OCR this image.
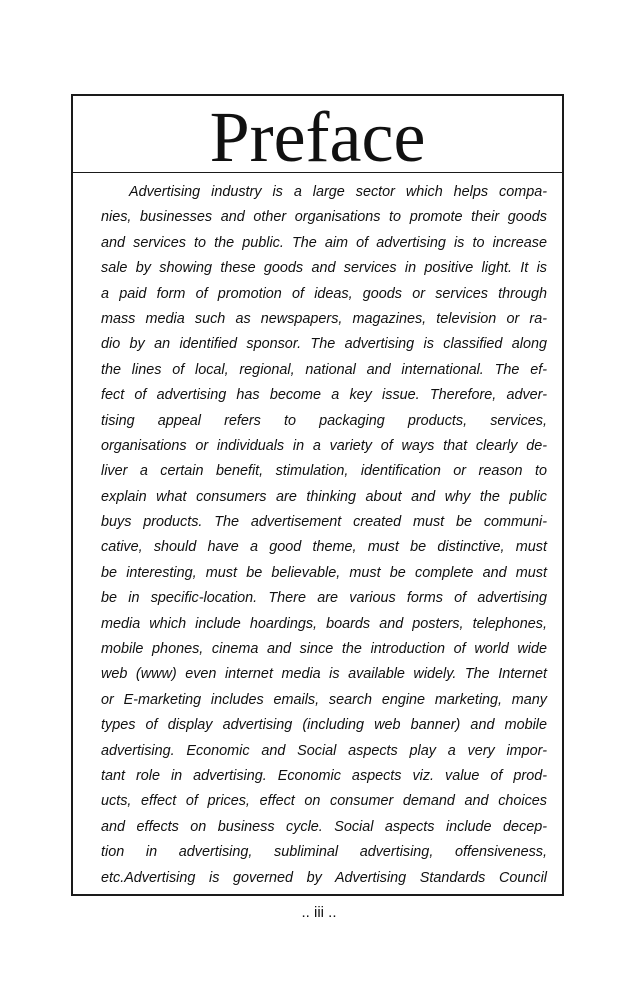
Preface
Advertising industry is a large sector which helps compa-
nies, businesses and other organisations to promote their goods
and services to the public. The aim of advertising is to increase
sale by showing these goods and services in positive light. It is
a paid form of promotion of ideas, goods or services through
mass media such as newspapers, magazines, television or ra-
dio by an identified sponsor. The advertising is classified along
the lines of local, regional, national and international. The ef-
fect of advertising has become a key issue. Therefore, adver-
tising appeal refers to packaging products, services,
organisations or individuals in a variety of ways that clearly de-
liver a certain benefit, stimulation, identification or reason to
explain what consumers are thinking about and why the public
buys products. The advertisement created must be communi-
cative, should have a good theme, must be distinctive, must
be interesting, must be believable, must be complete and must
be in specific-location. There are various forms of advertising
media which include hoardings, boards and posters, telephones,
mobile phones, cinema and since the introduction of world wide
web (www) even internet media is available widely. The Internet
or E-marketing includes emails, search engine marketing, many
types of display advertising (including web banner) and mobile
advertising. Economic and Social aspects play a very impor-
tant role in advertising. Economic aspects viz. value of prod-
ucts, effect of prices, effect on consumer demand and choices
and effects on business cycle. Social aspects include decep-
tion in advertising, subliminal advertising, offensiveness,
etc.Advertising is governed by Advertising Standards Council
.. iii ..
